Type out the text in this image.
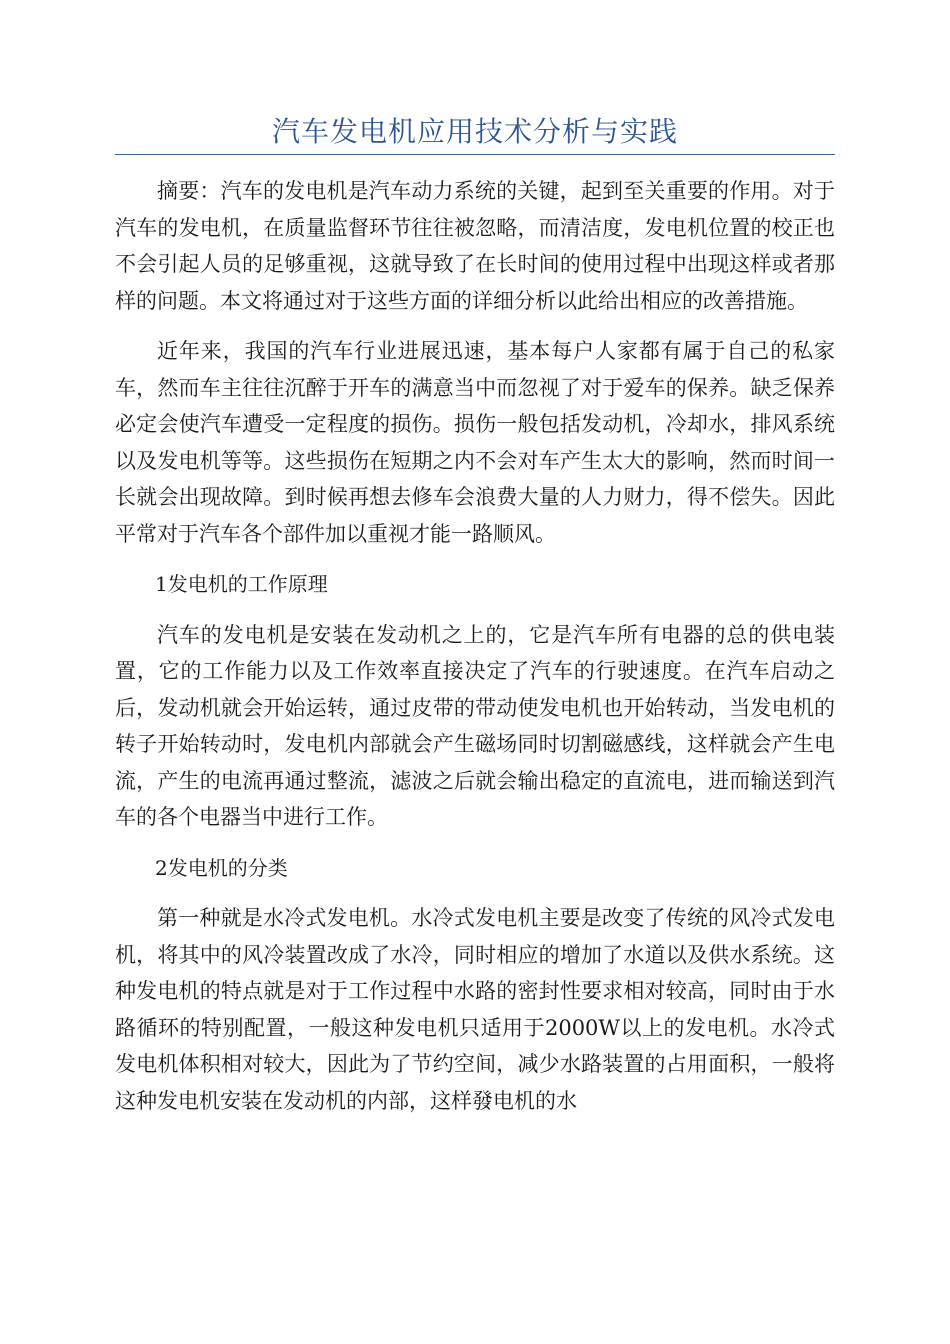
汽车发电机应用技术分析与实践

摘要：汽车的发电机是汽车动力系统的关键，起到至关重要的作用。对于汽车的发电机，在质量监督环节往往被忽略，而清洁度，发电机位置的校正也不会引起人员的足够重视，这就导致了在长时间的使用过程中出现这样或者那样的问题。本文将通过对于这些方面的详细分析以此给出相应的改善措施。

近年来，我国的汽车行业进展迅速，基本每户人家都有属于自己的私家车，然而车主往往沉醉于开车的满意当中而忽视了对于爱车的保养。缺乏保养必定会使汽车遭受一定程度的损伤。损伤一般包括发动机，冷却水，排风系统以及发电机等等。这些损伤在短期之内不会对车产生太大的影响，然而时间一长就会出现故障。到时候再想去修车会浪费大量的人力财力，得不偿失。因此平常对于汽车各个部件加以重视才能一路顺风。

1发电机的工作原理

汽车的发电机是安装在发动机之上的，它是汽车所有电器的总的供电装置，它的工作能力以及工作效率直接决定了汽车的行驶速度。在汽车启动之后，发动机就会开始运转，通过皮带的带动使发电机也开始转动，当发电机的转子开始转动时，发电机内部就会产生磁场同时切割磁感线，这样就会产生电流，产生的电流再通过整流，滤波之后就会输出稳定的直流电，进而输送到汽车的各个电器当中进行工作。

2发电机的分类

第一种就是水冷式发电机。水冷式发电机主要是改变了传统的风冷式发电机，将其中的风冷装置改成了水冷，同时相应的增加了水道以及供水系统。这种发电机的特点就是对于工作过程中水路的密封性要求相对较高，同时由于水路循环的特别配置，一般这种发电机只适用于2000W以上的发电机。水冷式发电机体积相对较大，因此为了节约空间，减少水路装置的占用面积，一般将这种发电机安装在发动机的内部，这样發电机的水
